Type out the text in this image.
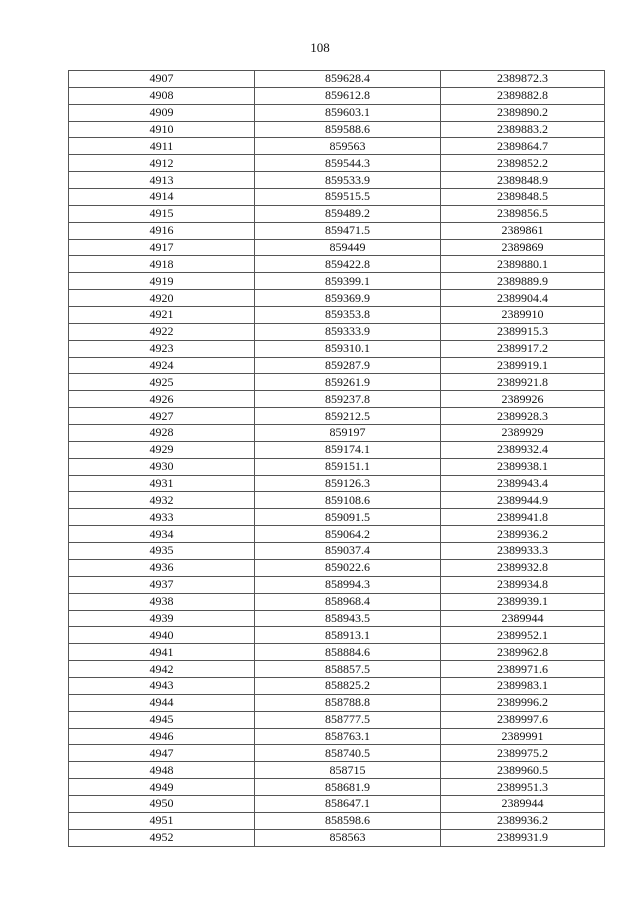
108
4907	859628.4	2389872.3
4908	859612.8	2389882.8
4909	859603.1	2389890.2
4910	859588.6	2389883.2
4911	859563	2389864.7
4912	859544.3	2389852.2
4913	859533.9	2389848.9
4914	859515.5	2389848.5
4915	859489.2	2389856.5
4916	859471.5	2389861
4917	859449	2389869
4918	859422.8	2389880.1
4919	859399.1	2389889.9
4920	859369.9	2389904.4
4921	859353.8	2389910
4922	859333.9	2389915.3
4923	859310.1	2389917.2
4924	859287.9	2389919.1
4925	859261.9	2389921.8
4926	859237.8	2389926
4927	859212.5	2389928.3
4928	859197	2389929
4929	859174.1	2389932.4
4930	859151.1	2389938.1
4931	859126.3	2389943.4
4932	859108.6	2389944.9
4933	859091.5	2389941.8
4934	859064.2	2389936.2
4935	859037.4	2389933.3
4936	859022.6	2389932.8
4937	858994.3	2389934.8
4938	858968.4	2389939.1
4939	858943.5	2389944
4940	858913.1	2389952.1
4941	858884.6	2389962.8
4942	858857.5	2389971.6
4943	858825.2	2389983.1
4944	858788.8	2389996.2
4945	858777.5	2389997.6
4946	858763.1	2389991
4947	858740.5	2389975.2
4948	858715	2389960.5
4949	858681.9	2389951.3
4950	858647.1	2389944
4951	858598.6	2389936.2
4952	858563	2389931.9
